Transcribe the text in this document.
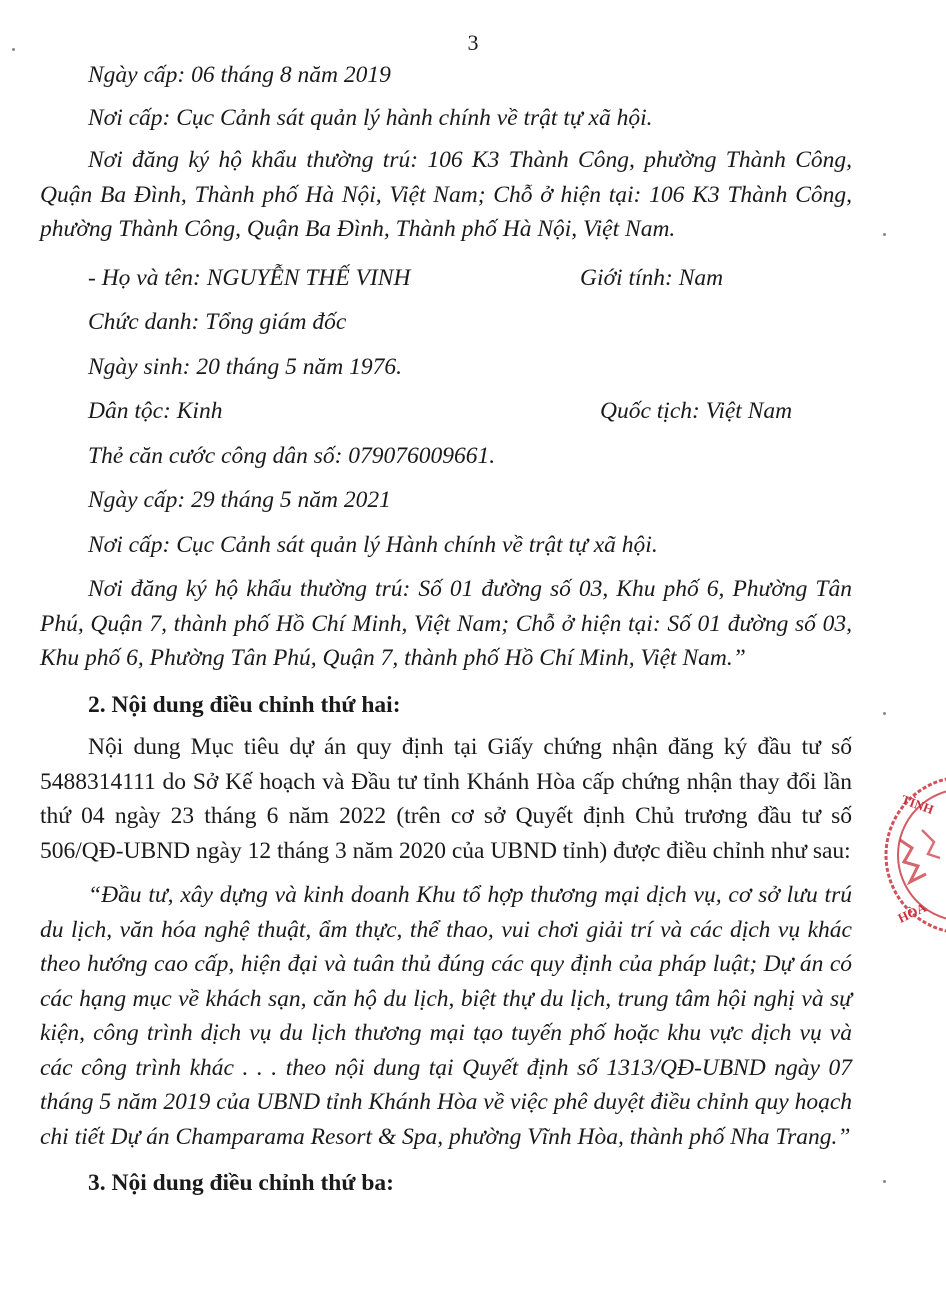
3

Ngày cấp: 06 tháng 8 năm 2019

Nơi cấp: Cục Cảnh sát quản lý hành chính về trật tự xã hội.

Nơi đăng ký hộ khẩu thường trú: 106 K3 Thành Công, phường Thành Công, Quận Ba Đình, Thành phố Hà Nội, Việt Nam; Chỗ ở hiện tại: 106 K3 Thành Công, phường Thành Công, Quận Ba Đình, Thành phố Hà Nội, Việt Nam.

- Họ và tên: NGUYỄN THẾ VINH	Giới tính: Nam

Chức danh: Tổng giám đốc

Ngày sinh: 20 tháng 5 năm 1976.

Dân tộc: Kinh	Quốc tịch: Việt Nam

Thẻ căn cước công dân số: 079076009661.

Ngày cấp: 29 tháng 5 năm 2021

Nơi cấp: Cục Cảnh sát quản lý Hành chính về trật tự xã hội.

Nơi đăng ký hộ khẩu thường trú: Số 01 đường số 03, Khu phố 6, Phường Tân Phú, Quận 7, thành phố Hồ Chí Minh, Việt Nam; Chỗ ở hiện tại: Số 01 đường số 03, Khu phố 6, Phường Tân Phú, Quận 7, thành phố Hồ Chí Minh, Việt Nam.”

2. Nội dung điều chỉnh thứ hai:

Nội dung Mục tiêu dự án quy định tại Giấy chứng nhận đăng ký đầu tư số 5488314111 do Sở Kế hoạch và Đầu tư tỉnh Khánh Hòa cấp chứng nhận thay đổi lần thứ 04 ngày 23 tháng 6 năm 2022 (trên cơ sở Quyết định Chủ trương đầu tư số 506/QĐ-UBND ngày 12 tháng 3 năm 2020 của UBND tỉnh) được điều chỉnh như sau:

“Đầu tư, xây dựng và kinh doanh Khu tổ hợp thương mại dịch vụ, cơ sở lưu trú du lịch, văn hóa nghệ thuật, ẩm thực, thể thao, vui chơi giải trí và các dịch vụ khác theo hướng cao cấp, hiện đại và tuân thủ đúng các quy định của pháp luật; Dự án có các hạng mục về khách sạn, căn hộ du lịch, biệt thự du lịch, trung tâm hội nghị và sự kiện, công trình dịch vụ du lịch thương mại tạo tuyến phố hoặc khu vực dịch vụ và các công trình khác . . . theo nội dung tại Quyết định số 1313/QĐ-UBND ngày 07 tháng 5 năm 2019 của UBND tỉnh Khánh Hòa về việc phê duyệt điều chỉnh quy hoạch chi tiết Dự án Champarama Resort & Spa, phường Vĩnh Hòa, thành phố Nha Trang.”

3. Nội dung điều chỉnh thứ ba:
TỈNH
HÒA
